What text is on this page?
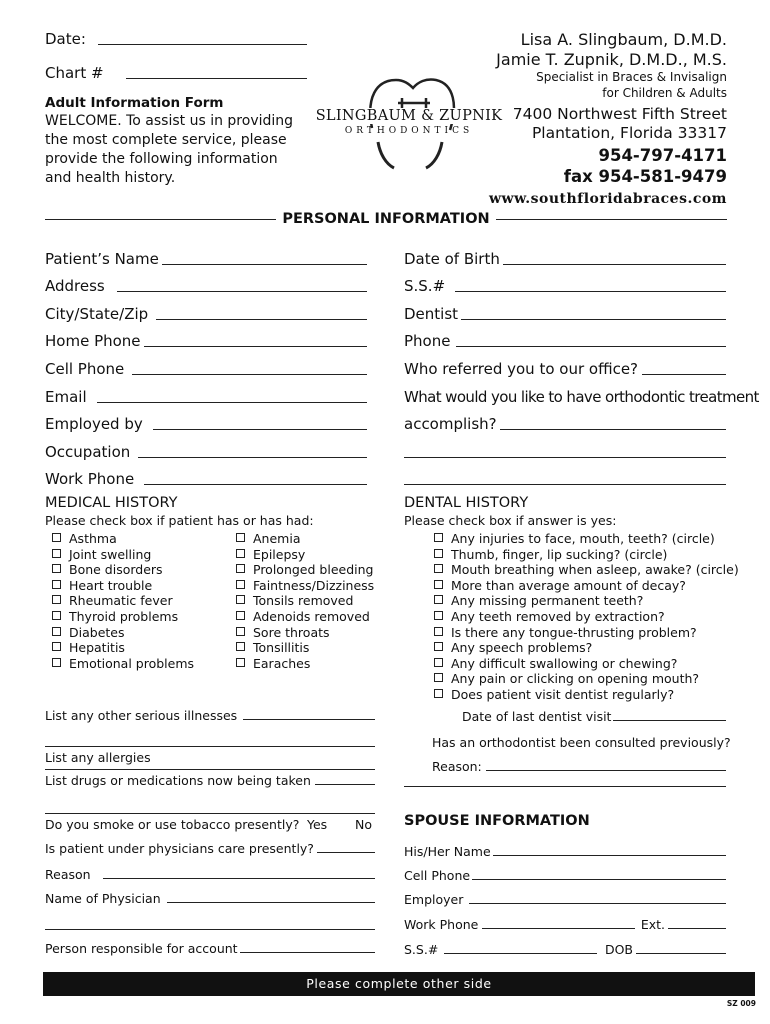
Date:
Chart #
Adult Information Form
WELCOME. To assist us in providing
the most complete service, please
provide the following information
and health history.
SLINGBAUM & ZUPNIK
ORTHODONTICS
Lisa A. Slingbaum, D.M.D.
Jamie T. Zupnik, D.M.D., M.S.
Specialist in Braces & Invisalign
for Children & Adults
7400 Northwest Fifth Street
Plantation, Florida 33317
954-797-4171
fax 954-581-9479
www.southfloridabraces.com
PERSONAL INFORMATION
Patient’s Name
Address
City/State/Zip
Home Phone
Cell Phone
Email
Employed by
Occupation
Work Phone
Date of Birth
S.S.#
Dentist
Phone
Who referred you to our office?
What would you like to have orthodontic treatment
accomplish?
MEDICAL HISTORY
Please check box if patient has or has had:
Asthma
Joint swelling
Bone disorders
Heart trouble
Rheumatic fever
Thyroid problems
Diabetes
Hepatitis
Emotional problems
Anemia
Epilepsy
Prolonged bleeding
Faintness/Dizziness
Tonsils removed
Adenoids removed
Sore throats
Tonsillitis
Earaches
List any other serious illnesses
List any allergies
List drugs or medications now being taken
Do you smoke or use tobacco presently? Yes No
Is patient under physicians care presently?
Reason
Name of Physician
Person responsible for account
DENTAL HISTORY
Please check box if answer is yes:
Any injuries to face, mouth, teeth? (circle)
Thumb, finger, lip sucking? (circle)
Mouth breathing when asleep, awake? (circle)
More than average amount of decay?
Any missing permanent teeth?
Any teeth removed by extraction?
Is there any tongue-thrusting problem?
Any speech problems?
Any difficult swallowing or chewing?
Any pain or clicking on opening mouth?
Does patient visit dentist regularly?
Date of last dentist visit
Has an orthodontist been consulted previously?
Reason:
SPOUSE INFORMATION
His/Her Name
Cell Phone
Employer
Work Phone	Ext.
S.S.#	DOB
Please complete other side
SZ 009
